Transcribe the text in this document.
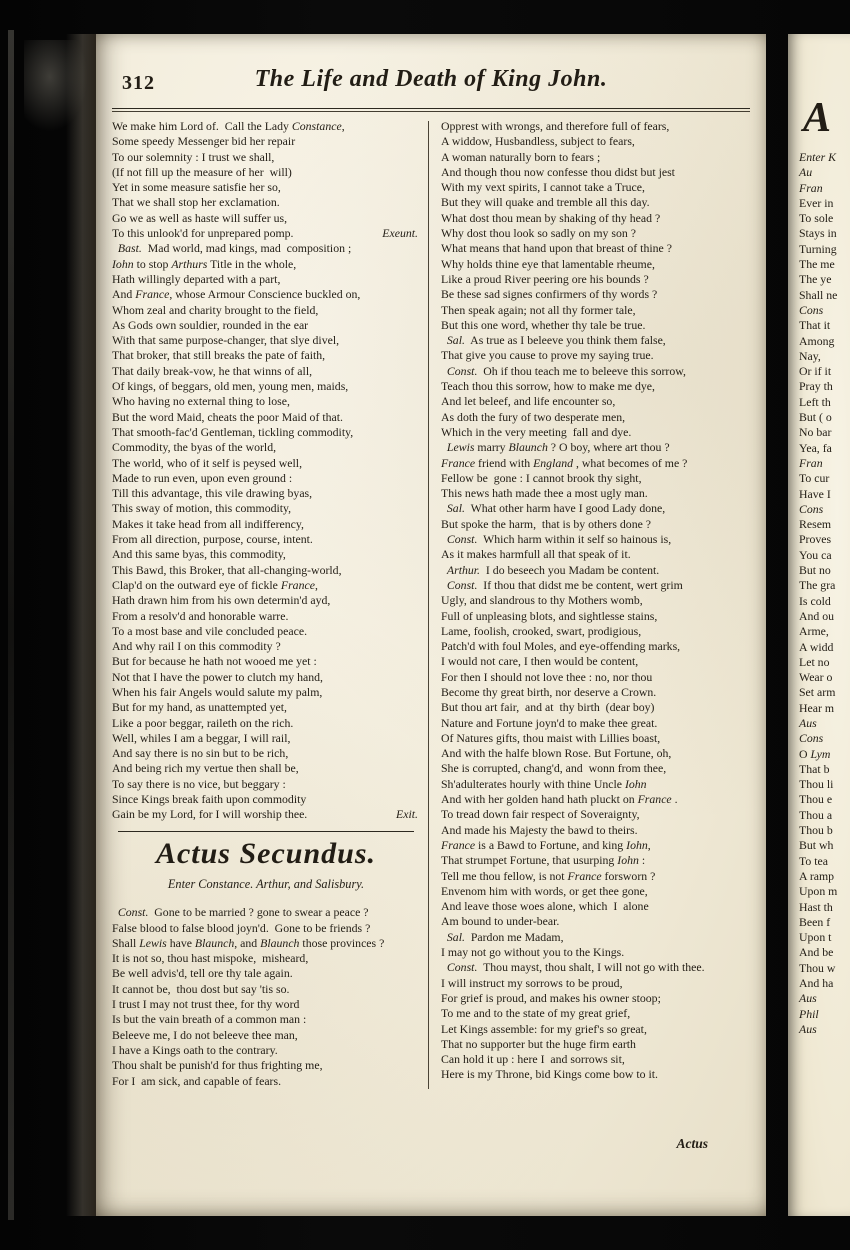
312	The Life and Death of King John.
We make him Lord of.  Call the Lady Constance,
Some speedy Messenger bid her repair
To our solemnity : I trust we shall,
(If not fill up the measure of her  will)
Yet in some measure satisfie her so,
That we shall stop her exclamation.
Go we as well as haste will suffer us,
To this unlook'd for unprepared pomp.	Exeunt.
Bast.  Mad world, mad kings, mad  composition ;
Iohn to stop Arthurs Title in the whole,
Hath willingly departed with a part,
And France, whose Armour Conscience buckled on,
Whom zeal and charity brought to the field,
As Gods own souldier, rounded in the ear
With that same purpose-changer, that slye divel,
That broker, that still breaks the pate of faith,
That daily break-vow, he that winns of all,
Of kings, of beggars, old men, young men, maids,
Who having no external thing to lose,
But the word Maid, cheats the poor Maid of that.
That smooth-fac'd Gentleman, tickling commodity,
Commodity, the byas of the world,
The world, who of it self is peysed well,
Made to run even, upon even ground :
Till this advantage, this vile drawing byas,
This sway of motion, this commodity,
Makes it take head from all indifferency,
From all direction, purpose, course, intent.
And this same byas, this commodity,
This Bawd, this Broker, that all-changing-world,
Clap'd on the outward eye of fickle France,
Hath drawn him from his own determin'd ayd,
From a resolv'd and honorable warre.
To a most base and vile concluded peace.
And why rail I on this commodity ?
But for because he hath not wooed me yet :
Not that I have the power to clutch my hand,
When his fair Angels would salute my palm,
But for my hand, as unattempted yet,
Like a poor beggar, raileth on the rich.
Well, whiles I am a beggar, I will rail,
And say there is no sin but to be rich,
And being rich my vertue then shall be,
To say there is no vice, but beggary :
Since Kings break faith upon commodity
Gain be my Lord, for I will worship thee.	Exit.
Actus Secundus.
Enter Constance. Arthur, and Salisbury.
Const.  Gone to be married ? gone to swear a peace ?
False blood to false blood joyn'd.  Gone to be friends ?
Shall Lewis have Blaunch, and Blaunch those provinces ?
It is not so, thou hast mispoke,  misheard,
Be well advis'd, tell ore thy tale again.
It cannot be,  thou dost but say 'tis so.
I trust I may not trust thee, for thy word
Is but the vain breath of a common man :
Beleeve me, I do not beleeve thee man,
I have a Kings oath to the contrary.
Thou shalt be punish'd for thus frighting me,
For I  am sick, and capable of fears.
Opprest with wrongs, and therefore full of fears,
A widdow, Husbandless, subject to fears,
A woman naturally born to fears ;
And though thou now confesse thou didst but jest
With my vext spirits, I cannot take a Truce,
But they will quake and tremble all this day.
What dost thou mean by shaking of thy head ?
Why dost thou look so sadly on my son ?
What means that hand upon that breast of thine ?
Why holds thine eye that lamentable rheume,
Like a proud River peering ore his bounds ?
Be these sad signes confirmers of thy words ?
Then speak again; not all thy former tale,
But this one word, whether thy tale be true.
Sal.  As true as I beleeve you think them false,
That give you cause to prove my saying true.
Const.  Oh if thou teach me to beleeve this sorrow,
Teach thou this sorrow, how to make me dye,
And let beleef, and life encounter so,
As doth the fury of two desperate men,
Which in the very meeting  fall and dye.
Lewis marry Blaunch ? O boy, where art thou ?
France friend with England , what becomes of me ?
Fellow be  gone : I cannot brook thy sight,
This news hath made thee a most ugly man.
Sal.  What other harm have I good Lady done,
But spoke the harm,  that is by others done ?
Const.  Which harm within it self so hainous is,
As it makes harmfull all that speak of it.
Arthur.  I do beseech you Madam be content.
Const.  If thou that didst me be content, wert grim
Ugly, and slandrous to thy Mothers womb,
Full of unpleasing blots, and sightlesse stains,
Lame, foolish, crooked, swart, prodigious,
Patch'd with foul Moles, and eye-offending marks,
I would not care, I then would be content,
For then I should not love thee : no, nor thou
Become thy great birth, nor deserve a Crown.
But thou art fair,  and at  thy birth  (dear boy)
Nature and Fortune joyn'd to make thee great.
Of Natures gifts, thou maist with Lillies boast,
And with the halfe blown Rose. But Fortune, oh,
She is corrupted, chang'd, and  wonn from thee,
Sh'adulterates hourly with thine Uncle Iohn
And with her golden hand hath pluckt on France .
To tread down fair respect of Soveraignty,
And made his Majesty the bawd to theirs.
France is a Bawd to Fortune, and king Iohn,
That strumpet Fortune, that usurping Iohn :
Tell me thou fellow, is not France forsworn ?
Envenom him with words, or get thee gone,
And leave those woes alone, which  I  alone
Am bound to under-bear.
Sal.  Pardon me Madam,
I may not go without you to the Kings.
Const.  Thou mayst, thou shalt, I will not go with thee.
I will instruct my sorrows to be proud,
For grief is proud, and makes his owner stoop;
To me and to the state of my great grief,
Let Kings assemble: for my grief's so great,
That no supporter but the huge firm earth
Can hold it up : here I  and sorrows sit,
Here is my Throne, bid Kings come bow to it.
Actus
A
Enter K
Au
Fran
Ever in
To sole
Stays in
Turning
The me
The ye
Shall ne
Cons
That it
Among
Nay,
Or if it
Pray th
Left th
But ( o
No bar
Yea, fa
Fran
To cur
Have I
Cons
Resem
Proves
You ca
But no
The gra
Is cold
And ou
Arme,
A widd
Let no
Wear o
Set arm
Hear m
Aus
Cons
O Lym
That b
Thou li
Thou e
Thou a
Thou b
But wh
To tea
A ramp
Upon m
Hast th
Been f
Upon t
And be
Thou w
And ha
Aus
Phil
Aus
